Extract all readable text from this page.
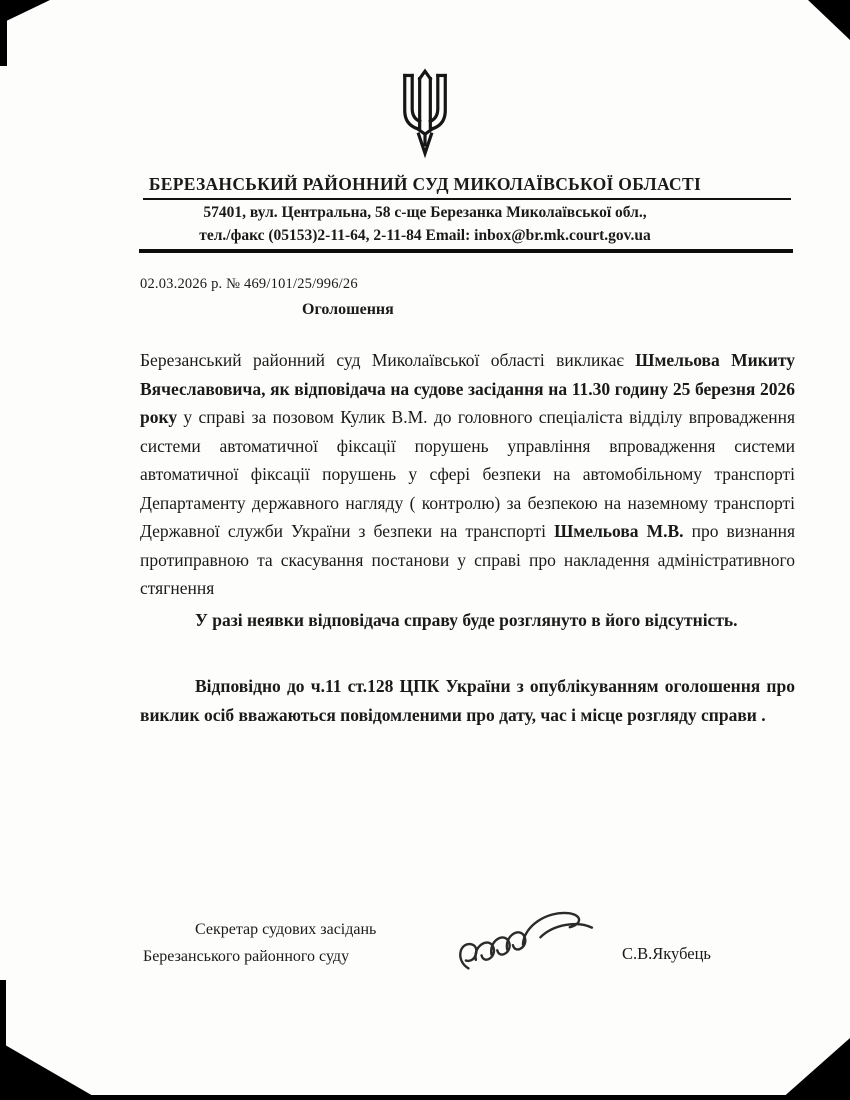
БЕРЕЗАНСЬКИЙ РАЙОННИЙ СУД МИКОЛАЇВСЬКОЇ ОБЛАСТІ
57401, вул. Центральна, 58 с-ще Березанка Миколаївської обл.,
тел./факс (05153)2-11-64, 2-11-84 Email: inbox@br.mk.court.gov.ua
02.03.2026 р. № 469/101/25/996/26
Оголошення
Березанський районний суд Миколаївської області викликає Шмельова Микиту Вячеславовича, як відповідача на судове засідання на 11.30 годину 25 березня 2026 року у справі за позовом Кулик В.М. до головного спеціаліста відділу впровадження системи автоматичної фіксації порушень управління впровадження системи автоматичної фіксації порушень у сфері безпеки на автомобільному транспорті Департаменту державного нагляду ( контролю) за безпекою на наземному транспорті Державної служби України з безпеки на транспорті Шмельова М.В. про визнання протиправною та скасування постанови у справі про накладення адміністративного стягнення
У разі неявки відповідача справу буде розглянуто в його відсутність.
Відповідно до ч.11 ст.128 ЦПК України з опублікуванням оголошення про виклик осіб вважаються повідомленими про дату, час і місце розгляду справи .
Секретар судових засідань
Березанського районного суду	С.В.Якубець
